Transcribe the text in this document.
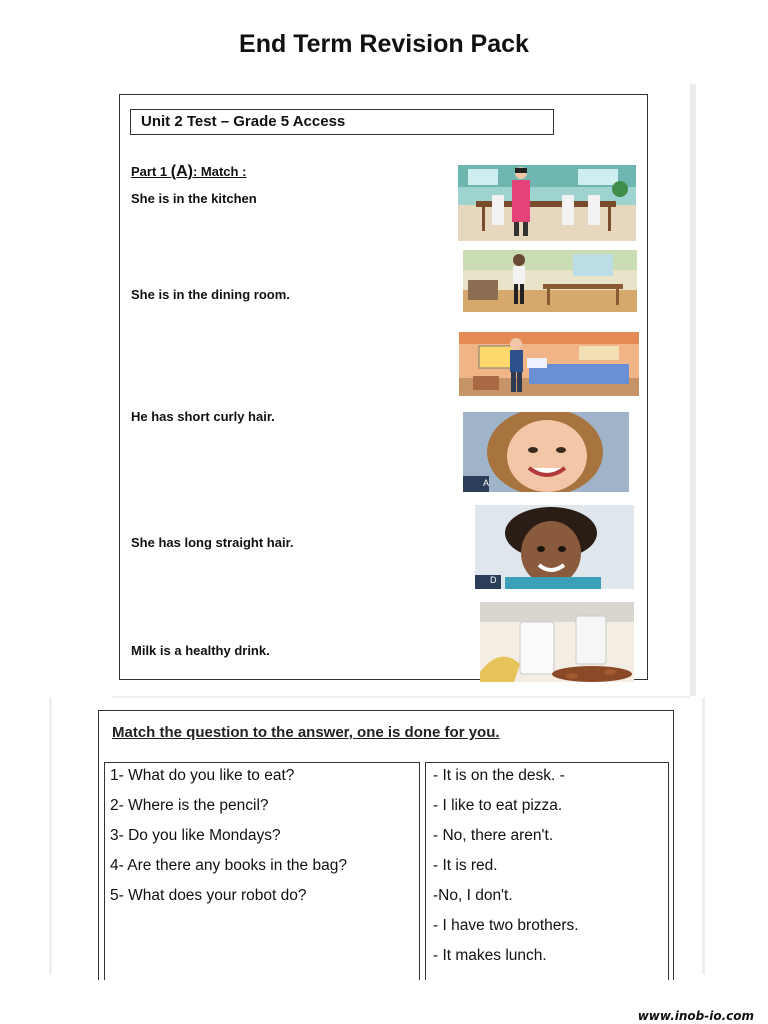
End Term Revision Pack
Unit 2 Test – Grade 5 Access
Part 1 (A): Match :
She is in the kitchen
She is in the dining room.
He has short curly hair.
She has long straight hair.
Milk is a healthy drink.
A
D
Match the question to the answer, one is done for you.
1- What do you like to eat?
2- Where is the pencil?
3- Do you like Mondays?
4- Are there any books in the bag?
5- What does your robot do?
- It is on the desk. -
- I like to eat pizza.
- No, there aren't.
- It is red.
-No, I don't.
- I have two brothers.
- It makes lunch.
www.inob-io.com
